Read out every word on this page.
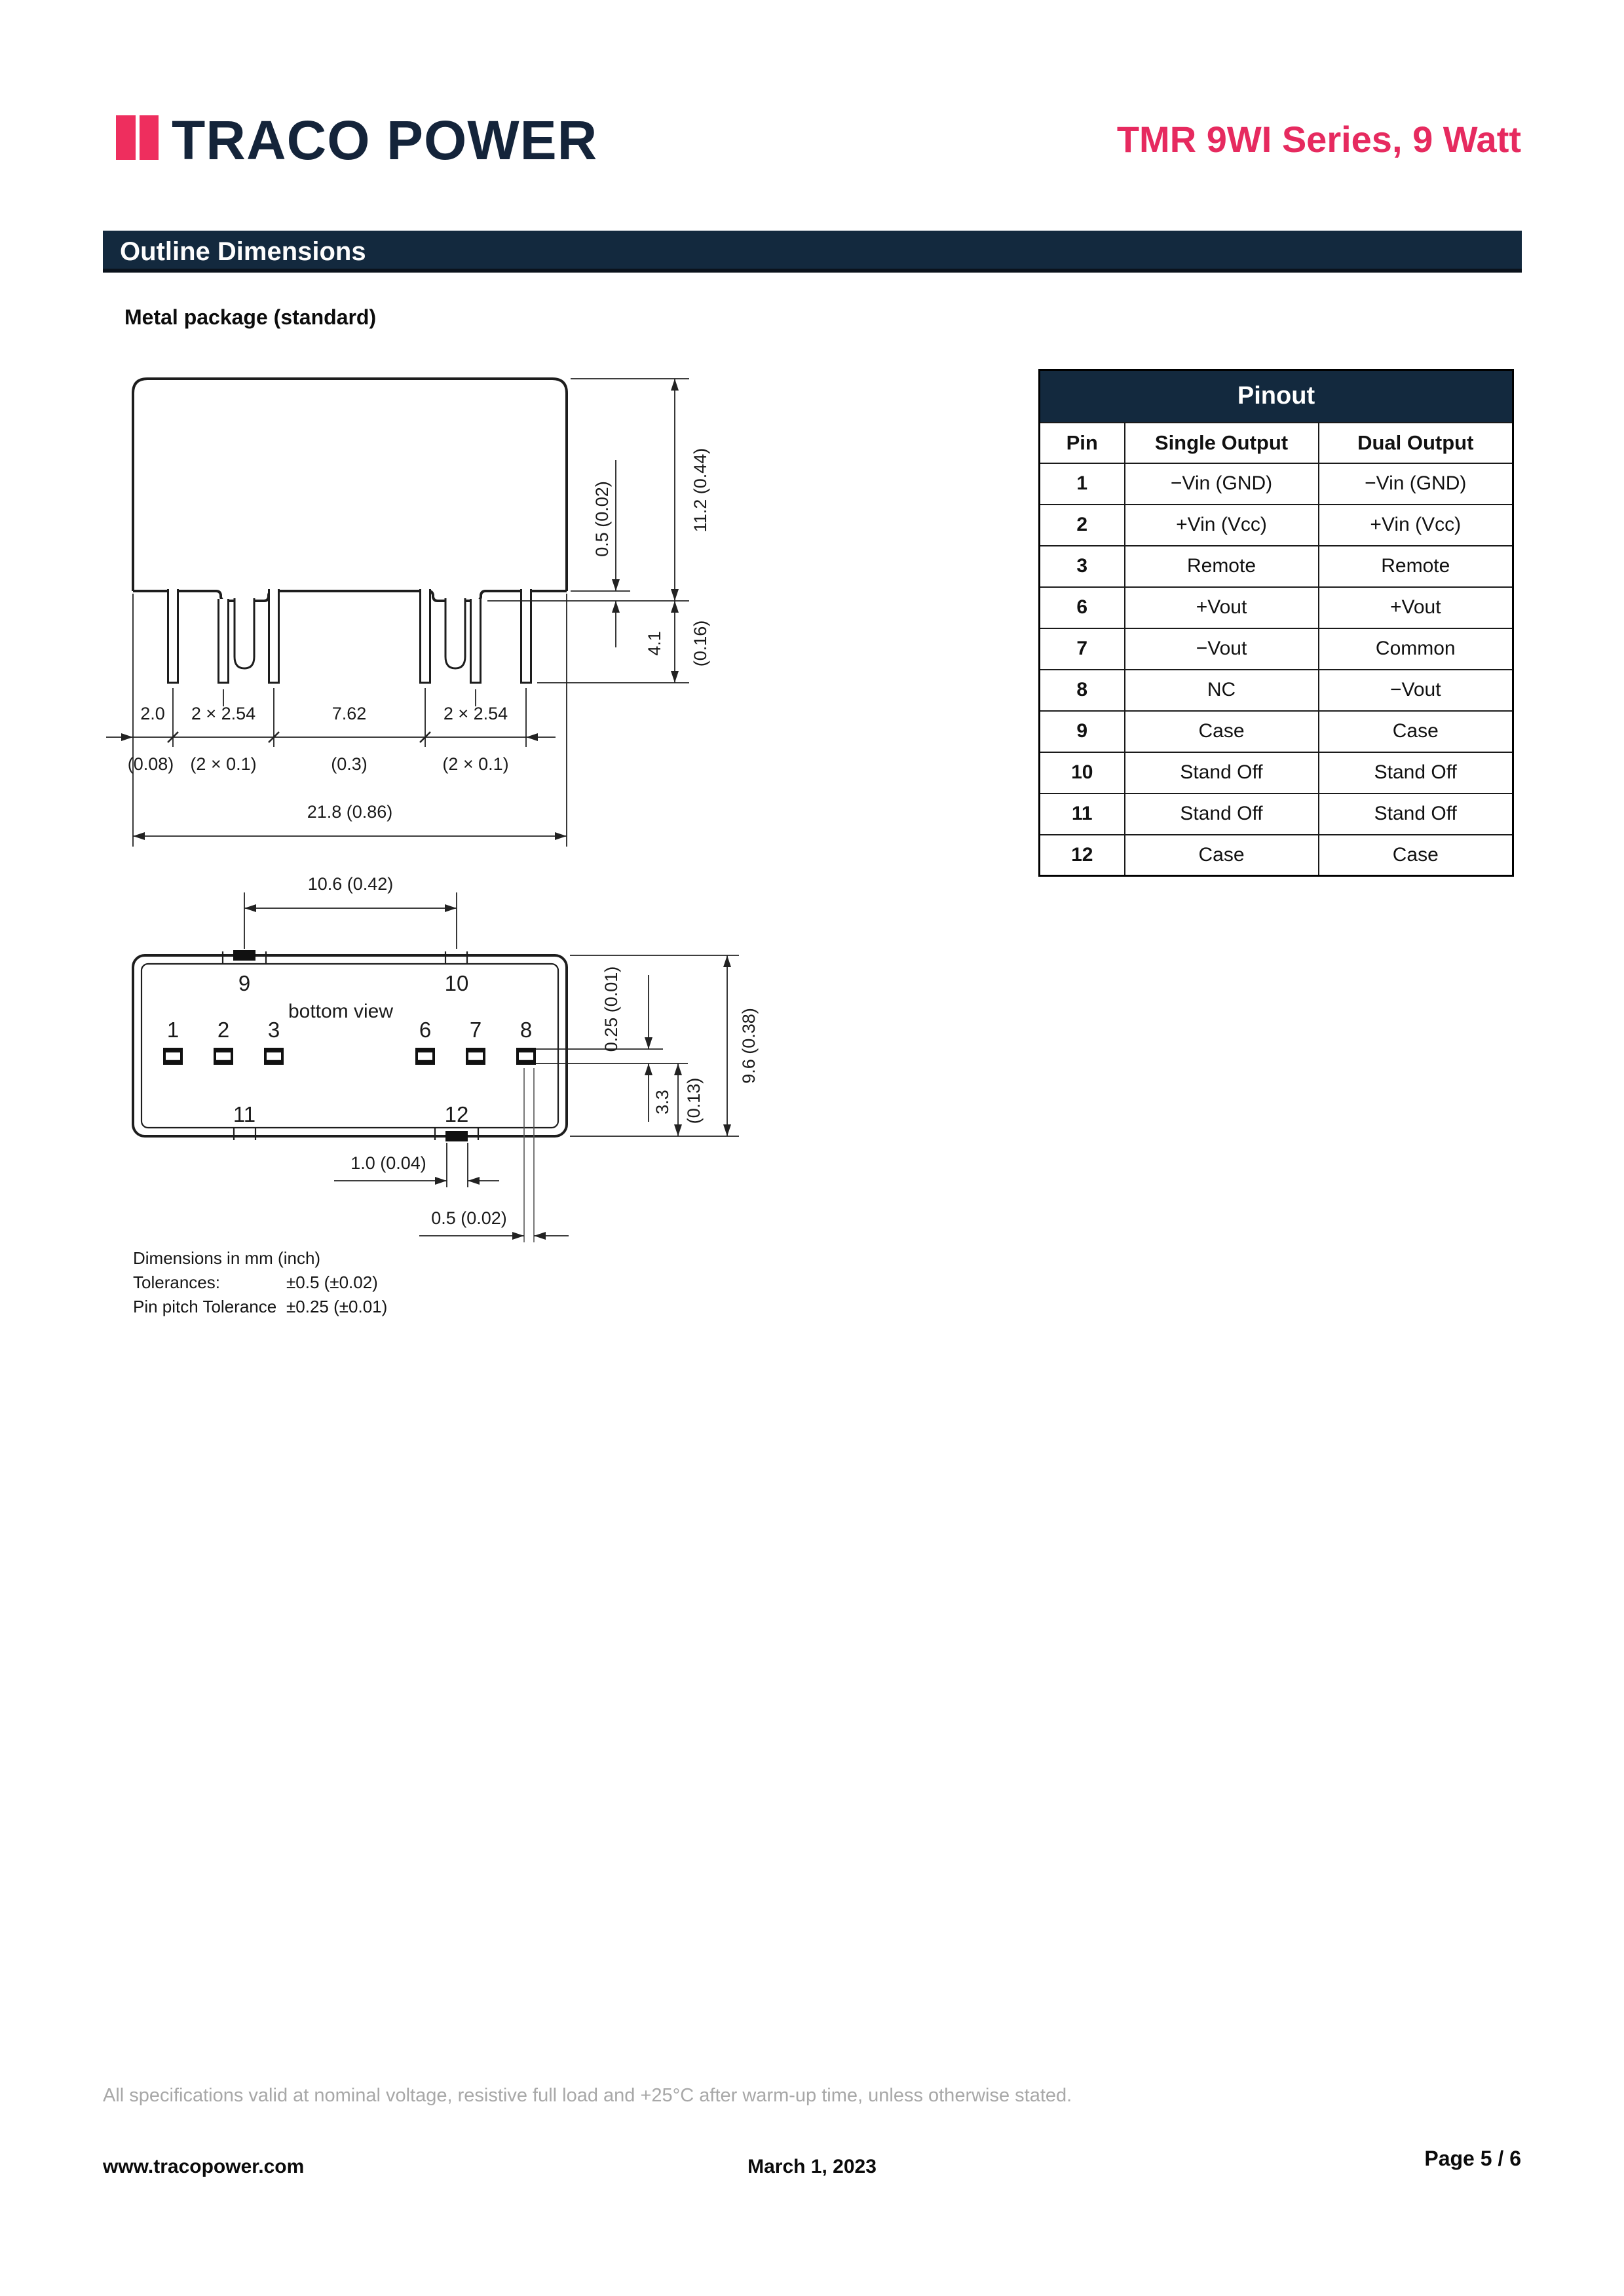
TRACO POWER	TMR 9WI Series, 9 Watt
Outline Dimensions
Metal package (standard)
11.2 (0.44)
0.5 (0.02)
4.1 (0.16)
2.0 2 × 2.54	7.62	2 × 2.54
(0.08) (2 × 0.1)	(0.3)	(2 × 0.1)
21.8 (0.86)
Pinout		
Pin	Single Output	Dual Output
1	−Vin (GND)	−Vin (GND)
2	+Vin (Vcc)	+Vin (Vcc)
3	Remote	Remote
6	+Vout	+Vout
7	−Vout	Common
8	NC	−Vout
9	Case	Case
10	Stand Off	Stand Off
11	Stand Off	Stand Off
12	Case	Case
9	10
11	12
bottom view
1 2 3	6 7 8
10.6 (0.42)
9.6 (0.38)
0.25 (0.01)
3.3 (0.13)
1.0 (0.04)
0.5 (0.02)
Dimensions in mm (inch)
Tolerances:	±0.5 (±0.02)
Pin pitch Tolerance ±0.25 (±0.01)
All specifications valid at nominal voltage, resistive full load and +25°C after warm-up time, unless otherwise stated.
www.tracopower.com	March 1, 2023	Page 5 / 6
